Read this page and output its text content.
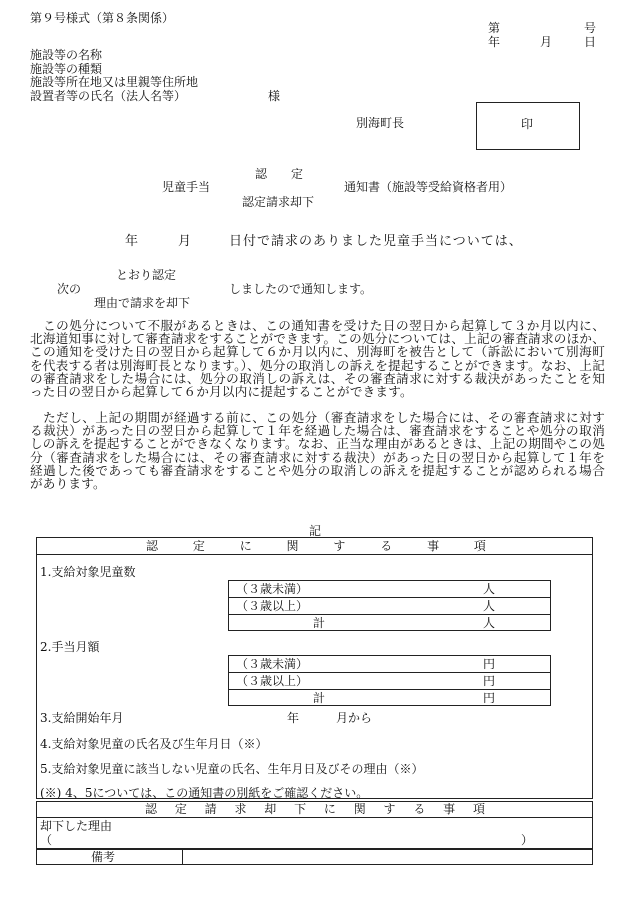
第９号様式（第８条関係）
第	号
年	月	日
施設等の名称
施設等の種類
施設等所在地又は里親等住所地
設置者等の氏名（法人名等）	様
別海町長	印
認　　定
児童手当
認定請求却下
通知書（施設等受給資格者用）
年	月	日付で請求のありました児童手当については、
とおり認定
次の
理由で請求を却下
しましたので通知します。
　この処分について不服があるときは、この通知書を受けた日の翌日から起算して３か月以内に、北海道知事に対して審査請求をすることができます。この処分については、上記の審査請求のほか、この通知を受けた日の翌日から起算して６か月以内に、別海町を被告として（訴訟において別海町を代表する者は別海町長となります。）、処分の取消しの訴えを提起することができます。なお、上記の審査請求をした場合には、処分の取消しの訴えは、その審査請求に対する裁決があったことを知った日の翌日から起算して６か月以内に提起することができます。
　ただし、上記の期間が経過する前に、この処分（審査請求をした場合には、その審査請求に対する裁決）があった日の翌日から起算して１年を経過した場合は、審査請求をすることや処分の取消しの訴えを提起することができなくなります。なお、正当な理由があるときは、上記の期間やこの処分（審査請求をした場合には、その審査請求に対する裁決）があった日の翌日から起算して１年を経過した後であっても審査請求をすることや処分の取消しの訴えを提起することが認められる場合があります。
記
認	定	に	関	す	る	事	項
1.支給対象児童数
（３歳未満）	人
（３歳以上）	人
計	人
2.手当月額
（３歳未満）	円
（３歳以上）	円
計	円
3.支給開始年月	年	月から
4.支給対象児童の氏名及び生年月日（※）
5.支給対象児童に該当しない児童の氏名、生年月日及びその理由（※）
(※) 4、5については、この通知書の別紙をご確認ください。
認 定 請 求 却 下 に 関 す る 事 項
却下した理由
（	）
備考
